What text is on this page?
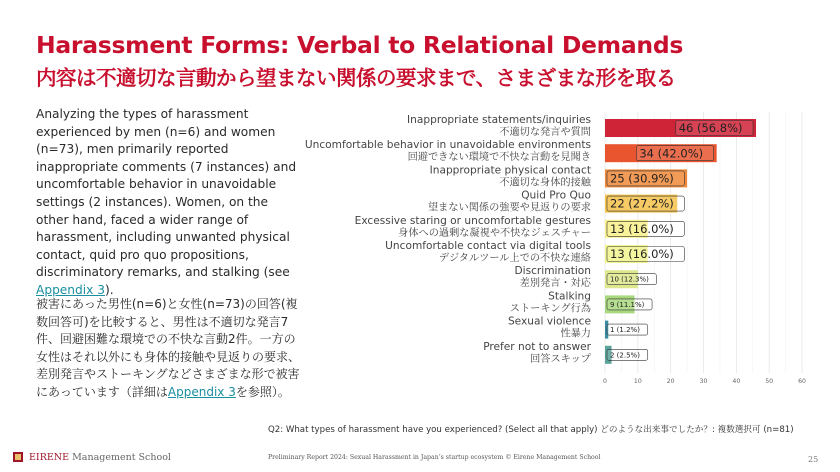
Harassment Forms: Verbal to Relational Demands
内容は不適切な言動から望まない関係の要求まで、さまざまな形を取る
Analyzing the types of harassment experienced by men (n=6) and women (n=73), men primarily reported inappropriate comments (7 instances) and uncomfortable behavior in unavoidable settings (2 instances). Women, on the other hand, faced a wider range of harassment, including unwanted physical contact, quid pro quo propositions, discriminatory remarks, and stalking (see Appendix 3).
被害にあった男性(n=6)と女性(n=73)の回答(複数回答可)を比較すると、男性は不適切な発言7件、回避困難な環境での不快な言動2件。一方の女性はそれ以外にも身体的接触や見返りの要求、差別発言やストーキングなどさまざまな形で被害にあっています（詳細はAppendix 3を参照）。
0	10	20	30	40	50	60
46 (56.8%)
Inappropriate statements/inquiries
不適切な発言や質問
34 (42.0%)
Uncomfortable behavior in unavoidable environments
回避できない環境で不快な言動を見聞き
25 (30.9%)
Inappropriate physical contact
不適切な身体的接触
22 (27.2%)
Quid Pro Quo
望まない関係の強要や見返りの要求
13 (16.0%)
Excessive staring or uncomfortable gestures
身体への過剰な凝視や不快なジェスチャー
13 (16.0%)
Uncomfortable contact via digital tools
デジタルツール上での不快な連絡
10 (12.3%)
Discrimination
差別発言・対応
9 (11.1%)
Stalking
ストーキング行為
1 (1.2%)
Sexual violence
性暴力
2 (2.5%)
Prefer not to answer
回答スキップ
Q2: What types of harassment have you experienced? (Select all that apply) どのような出来事でしたか？: 複数選択可 (n=81)
EIRENE Management School	Preliminary Report 2024: Sexual Harassment in Japan’s startup ecosystem © Eirene Management School	25
